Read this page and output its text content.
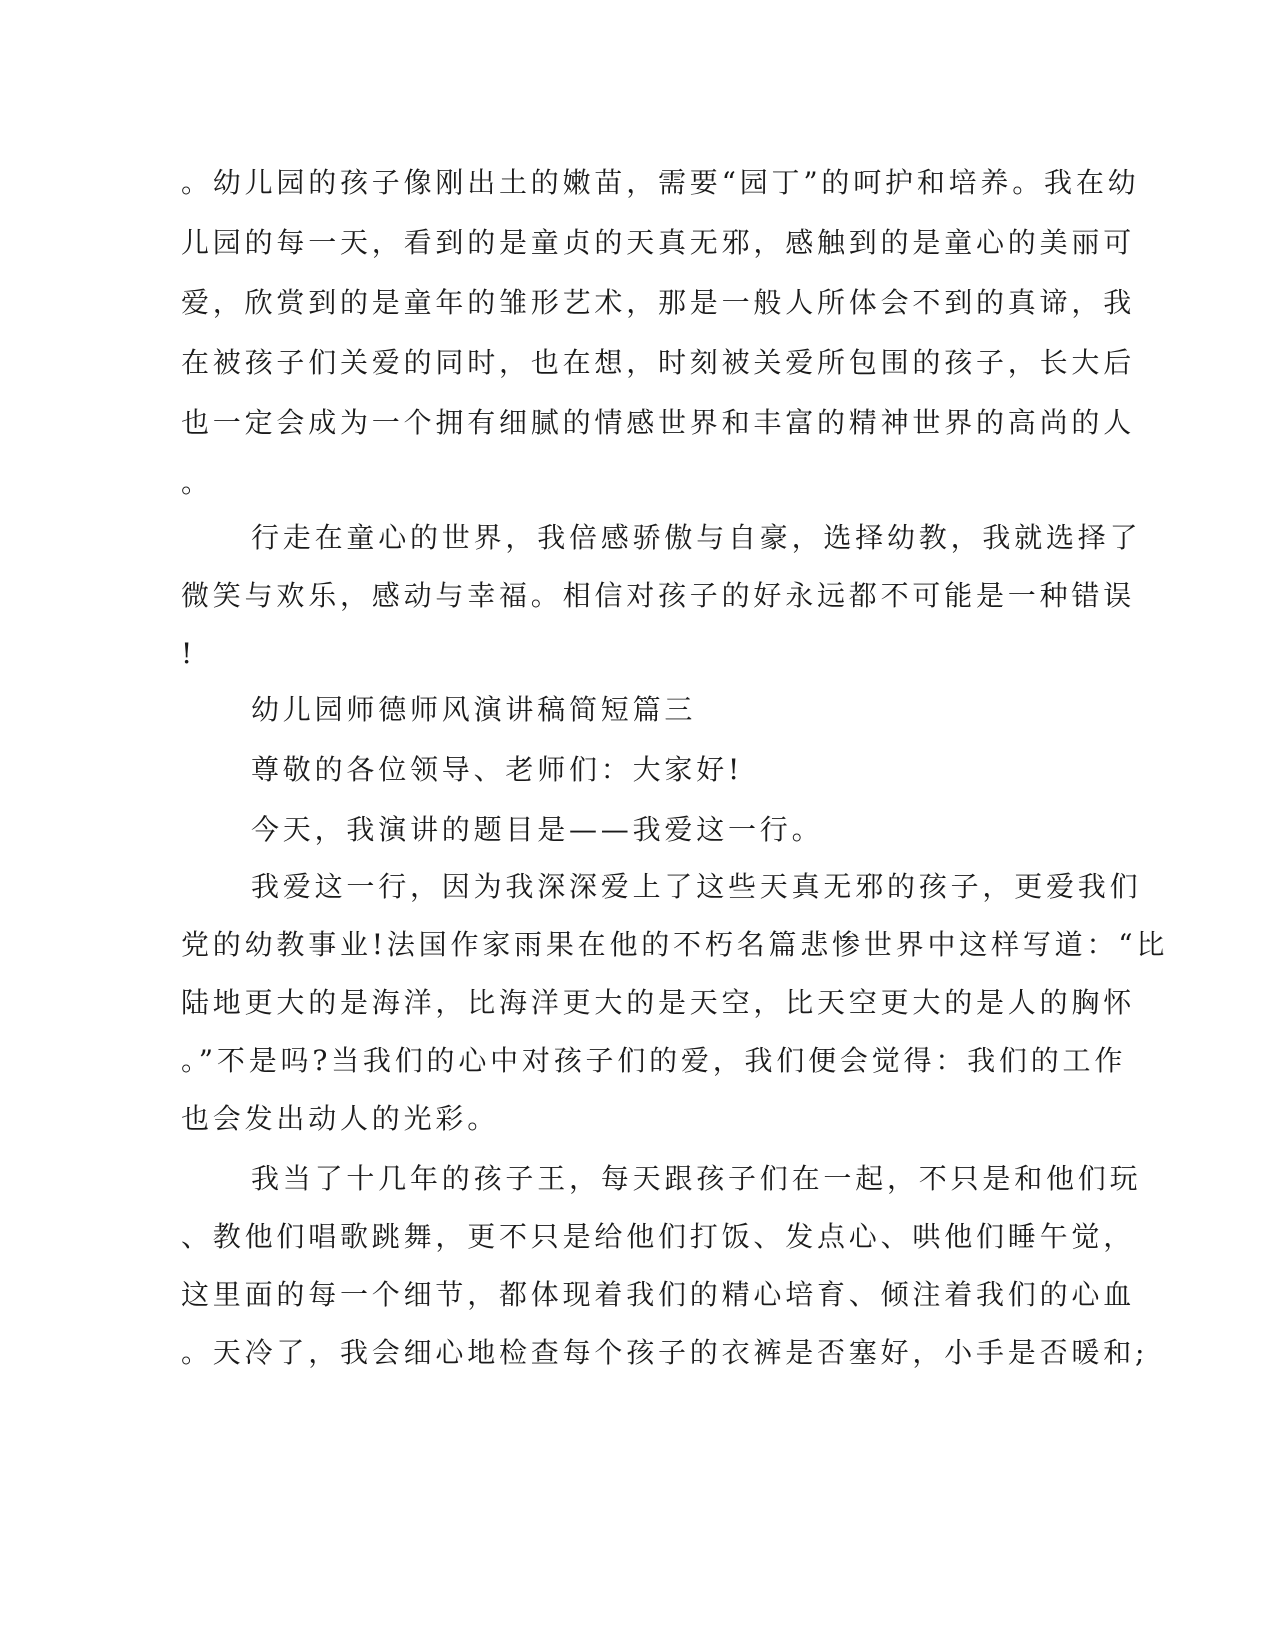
。幼儿园的孩子像刚出土的嫩苗，需要“园丁”的呵护和培养。我在幼
儿园的每一天，看到的是童贞的天真无邪，感触到的是童心的美丽可
爱，欣赏到的是童年的雏形艺术，那是一般人所体会不到的真谛，我
在被孩子们关爱的同时，也在想，时刻被关爱所包围的孩子，长大后
也一定会成为一个拥有细腻的情感世界和丰富的精神世界的高尚的人
。
行走在童心的世界，我倍感骄傲与自豪，选择幼教，我就选择了
微笑与欢乐，感动与幸福。相信对孩子的好永远都不可能是一种错误
!
幼儿园师德师风演讲稿简短篇三
尊敬的各位领导、老师们：大家好!
今天，我演讲的题目是——我爱这一行。
我爱这一行，因为我深深爱上了这些天真无邪的孩子，更爱我们
党的幼教事业!法国作家雨果在他的不朽名篇悲惨世界中这样写道：“比
陆地更大的是海洋，比海洋更大的是天空，比天空更大的是人的胸怀
。”不是吗?当我们的心中对孩子们的爱，我们便会觉得：我们的工作
也会发出动人的光彩。
我当了十几年的孩子王，每天跟孩子们在一起，不只是和他们玩
、教他们唱歌跳舞，更不只是给他们打饭、发点心、哄他们睡午觉，
这里面的每一个细节，都体现着我们的精心培育、倾注着我们的心血
。天冷了，我会细心地检查每个孩子的衣裤是否塞好，小手是否暖和;
